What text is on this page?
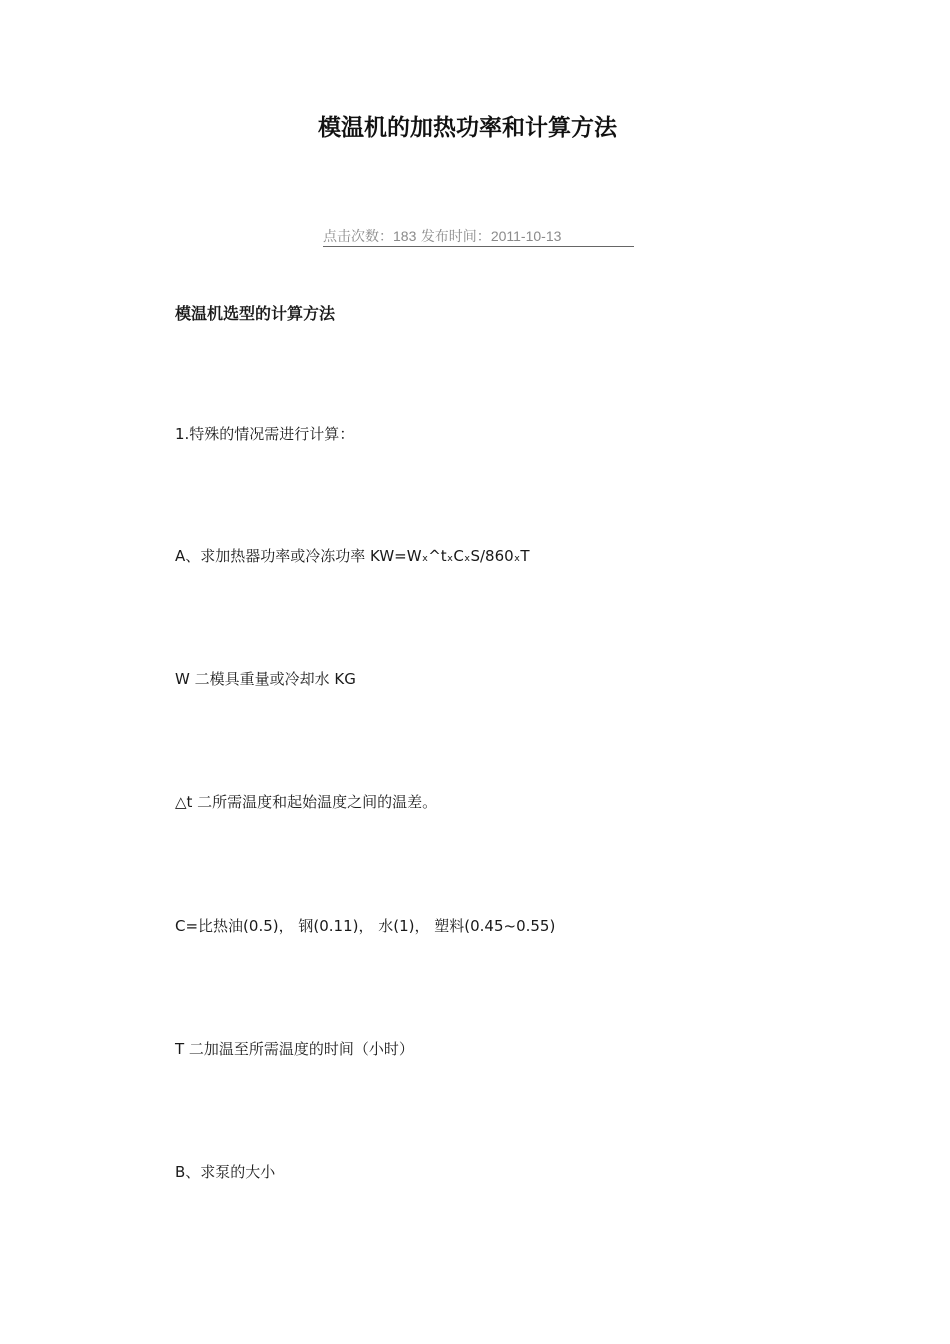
模温机的加热功率和计算方法
点击次数：183 发布时间：2011-10-13

模温机选型的计算方法

1.特殊的情况需进行计算：

A、求加热器功率或冷冻功率 KW=Wₓ^tₓCₓS/860ₓT

W 二模具重量或冷却水 KG

△t 二所需温度和起始温度之间的温差。

C=比热油(0.5)， 钢(0.11)， 水(1)， 塑料(0.45~0.55)

T 二加温至所需温度的时间（小时）

B、求泵的大小
